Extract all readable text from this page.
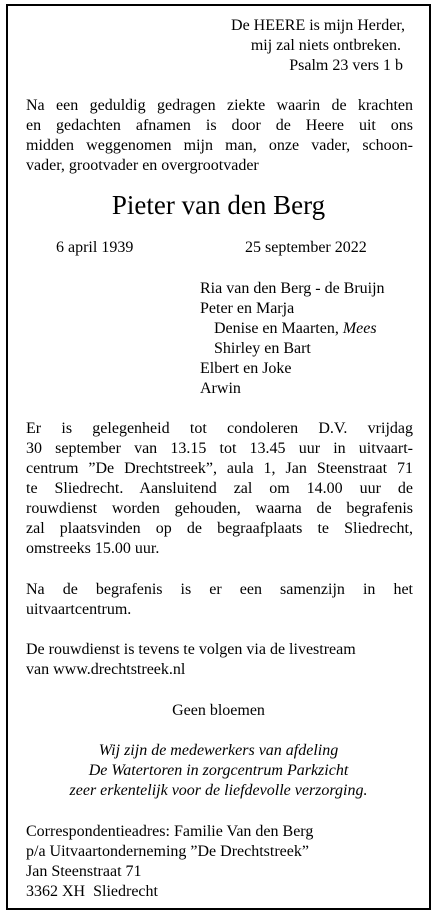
De HEERE is mijn Herder,
mij zal niets ontbreken.
Psalm 23 vers 1 b
Na een geduldig gedragen ziekte waarin de krachten
en gedachten afnamen is door de Heere uit ons
midden weggenomen mijn man, onze vader, schoon-
vader, grootvader en overgrootvader
Pieter van den Berg
6 april 1939	25 september 2022
Ria van den Berg - de Bruijn
Peter en Marja
Denise en Maarten, Mees
Shirley en Bart
Elbert en Joke
Arwin
Er is gelegenheid tot condoleren D.V. vrijdag
30 september van 13.15 tot 13.45 uur in uitvaart-
centrum ”De Drechtstreek”, aula 1, Jan Steenstraat 71
te Sliedrecht. Aansluitend zal om 14.00 uur de
rouwdienst worden gehouden, waarna de begrafenis
zal plaatsvinden op de begraafplaats te Sliedrecht,
omstreeks 15.00 uur.
Na de begrafenis is er een samenzijn in het
uitvaartcentrum.
De rouwdienst is tevens te volgen via de livestream
van www.drechtstreek.nl
Geen bloemen
Wij zijn de medewerkers van afdeling
De Watertoren in zorgcentrum Parkzicht
zeer erkentelijk voor de liefdevolle verzorging.
Correspondentieadres: Familie Van den Berg
p/a Uitvaartonderneming ”De Drechtstreek”
Jan Steenstraat 71
3362 XH  Sliedrecht
